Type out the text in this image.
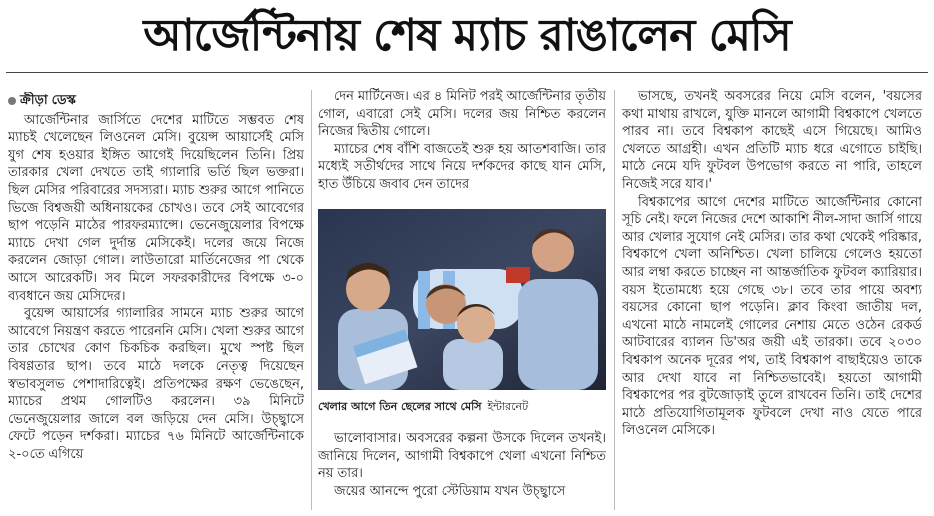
আর্জেন্টিনায় শেষ ম্যাচ রাঙালেন মেসি
ক্রীড়া ডেস্ক

আর্জেন্টিনার জার্সিতে দেশের মাটিতে সম্ভবত শেষ ম্যাচই খেলেছেন লিওনেল মেসি। বুয়েন্স আয়ার্সেই মেসি যুগ শেষ হওয়ার ইঙ্গিত আগেই দিয়েছিলেন তিনি। প্রিয় তারকার খেলা দেখতে তাই গ্যালারি ভর্তি ছিল ভক্তরা। ছিল মেসির পরিবারের সদস্যরা। ম্যাচ শুরুর আগে পানিতে ভিজে বিশ্বজয়ী অধিনায়কের চোখও। তবে সেই আবেগের ছাপ পড়েনি মাঠের পারফরম্যান্সে। ভেনেজুয়েলার বিপক্ষে ম্যাচে দেখা গেল দুর্দান্ত মেসিকেই। দলের জয়ে নিজে করলেন জোড়া গোল। লাউতারো মার্তিনেজের পা থেকে আসে আরেকটি। সব মিলে সফরকারীদের বিপক্ষে ৩-০ ব্যবধানে জয় মেসিদের।

বুয়েন্স আয়ার্সের গ্যালারির সামনে ম্যাচ শুরুর আগে আবেগে নিয়ন্ত্রণ করতে পারেননি মেসি। খেলা শুরুর আগে তার চোখের কোণ চিকচিক করছিল। মুখে স্পষ্ট ছিল বিষণ্ণতার ছাপ। তবে মাঠে দলকে নেতৃত্ব দিয়েছেন স্বভাবসুলভ পেশাদারিত্বেই। প্রতিপক্ষের রক্ষণ ভেঙেছেন, ম্যাচের প্রথম গোলটিও করলেন। ৩৯ মিনিটে ভেনেজুয়েলার জালে বল জড়িয়ে দেন মেসি। উচ্ছ্বাসে ফেটে পড়েন দর্শকরা। ম্যাচের ৭৬ মিনিটে আর্জেন্টিনাকে ২-০তে এগিয়ে

দেন মার্টিনেজ। এর ৪ মিনিট পরই আর্জেন্টিনার তৃতীয় গোল, এবারো সেই মেসি। দলের জয় নিশ্চিত করলেন নিজের দ্বিতীয় গোলে।

ম্যাচের শেষ বাঁশি বাজতেই শুরু হয় আতশবাজি। তার মধ্যেই সতীর্থদের সাথে নিয়ে দর্শকদের কাছে যান মেসি, হাত উঁচিয়ে জবাব দেন তাদের

খেলার আগে তিন ছেলের সাথে মেসি ইন্টারনেট

ভালোবাসার। অবসরের কল্পনা উসকে দিলেন তখনই। জানিয়ে দিলেন, আগামী বিশ্বকাপে খেলা এখনো নিশ্চিত নয় তার।

জয়ের আনন্দে পুরো স্টেডিয়াম যখন উচ্ছ্বাসে

ভাসছে, তখনই অবসরের নিয়ে মেসি বলেন, 'বয়সের কথা মাথায় রাখলে, যুক্তি মানলে আগামী বিশ্বকাপে খেলতে পারব না। তবে বিশ্বকাপ কাছেই এসে গিয়েছে। আমিও খেলতে আগ্রহী। এখন প্রতিটি ম্যাচ ধরে এগোতে চাইছি। মাঠে নেমে যদি ফুটবল উপভোগ করতে না পারি, তাহলে নিজেই সরে যাব।'

বিশ্বকাপের আগে দেশের মাটিতে আর্জেন্টিনার কোনো সূচি নেই। ফলে নিজের দেশে আকাশি নীল-সাদা জার্সি গায়ে আর খেলার সুযোগ নেই মেসির। তার কথা থেকেই পরিষ্কার, বিশ্বকাপে খেলা অনিশ্চিত। খেলা চালিয়ে গেলেও হয়তো আর লম্বা করতে চাচ্ছেন না আন্তর্জাতিক ফুটবল ক্যারিয়ার। বয়স ইতোমধ্যে হয়ে গেছে ৩৮। তবে তার পায়ে অবশ্য বয়সের কোনো ছাপ পড়েনি। ক্লাব কিংবা জাতীয় দল, এখনো মাঠে নামলেই গোলের নেশায় মেতে ওঠেন রেকর্ড আটবারের ব্যালন ডি'অর জয়ী এই তারকা। তবে ২০৩০ বিশ্বকাপ অনেক দূরের পথ, তাই বিশ্বকাপ বাছাইয়েও তাকে আর দেখা যাবে না নিশ্চিতভাবেই। হয়তো আগামী বিশ্বকাপের পর বুটজোড়াই তুলে রাখবেন তিনি। তাই দেশের মাঠে প্রতিযোগিতামূলক ফুটবলে দেখা নাও যেতে পারে লিওনেল মেসিকে।
